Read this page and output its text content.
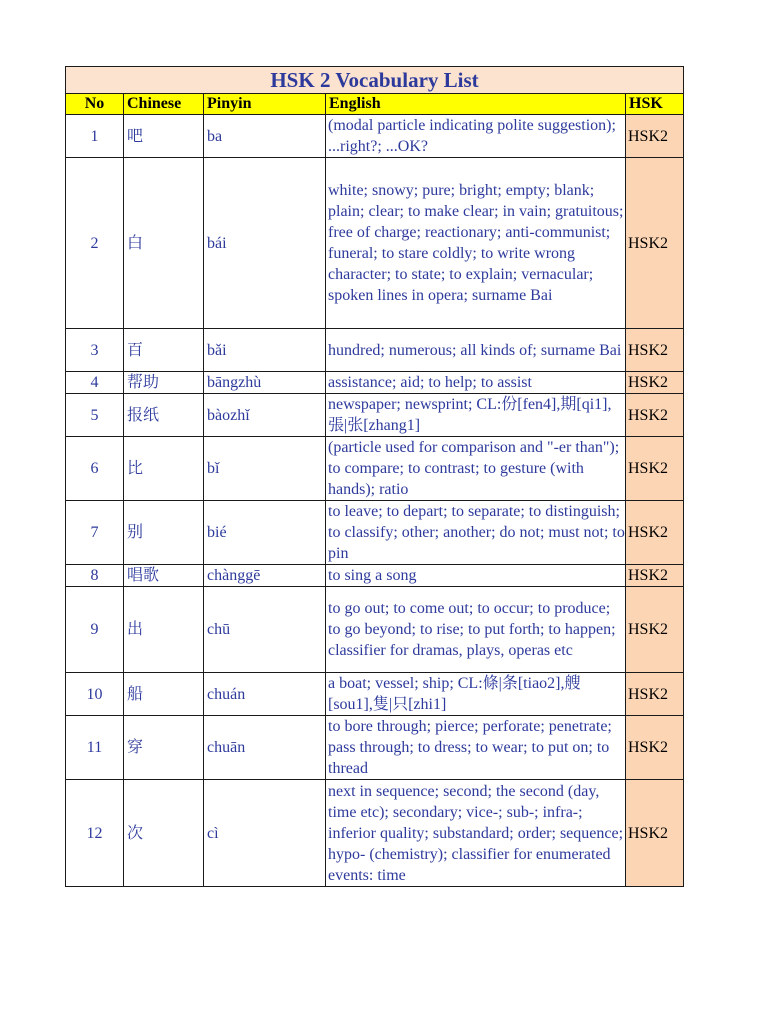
HSK 2 Vocabulary List				
No	Chinese	Pinyin	English	HSK
1	吧	ba	(modal particle indicating polite suggestion); ...right?; ...OK?	HSK2
2	白	bái	white; snowy; pure; bright; empty; blank; plain; clear; to make clear; in vain; gratuitous; free of charge; reactionary; anti-communist; funeral; to stare coldly; to write wrong character; to state; to explain; vernacular; spoken lines in opera; surname Bai	HSK2
3	百	bǎi	hundred; numerous; all kinds of; surname Bai	HSK2
4	帮助	bāngzhù	assistance; aid; to help; to assist	HSK2
5	报纸	bàozhǐ	newspaper; newsprint; CL:份[fen4],期[qi1],張|张[zhang1]	HSK2
6	比	bǐ	(particle used for comparison and "-er than"); to compare; to contrast; to gesture (with hands); ratio	HSK2
7	别	bié	to leave; to depart; to separate; to distinguish; to classify; other; another; do not; must not; to pin	HSK2
8	唱歌	chànggē	to sing a song	HSK2
9	出	chū	to go out; to come out; to occur; to produce; to go beyond; to rise; to put forth; to happen; classifier for dramas, plays, operas etc	HSK2
10	船	chuán	a boat; vessel; ship; CL:條|条[tiao2],艘[sou1],隻|只[zhi1]	HSK2
11	穿	chuān	to bore through; pierce; perforate; penetrate; pass through; to dress; to wear; to put on; to thread	HSK2
12	次	cì	next in sequence; second; the second (day, time etc); secondary; vice-; sub-; infra-; inferior quality; substandard; order; sequence; hypo- (chemistry); classifier for enumerated events: time	HSK2
